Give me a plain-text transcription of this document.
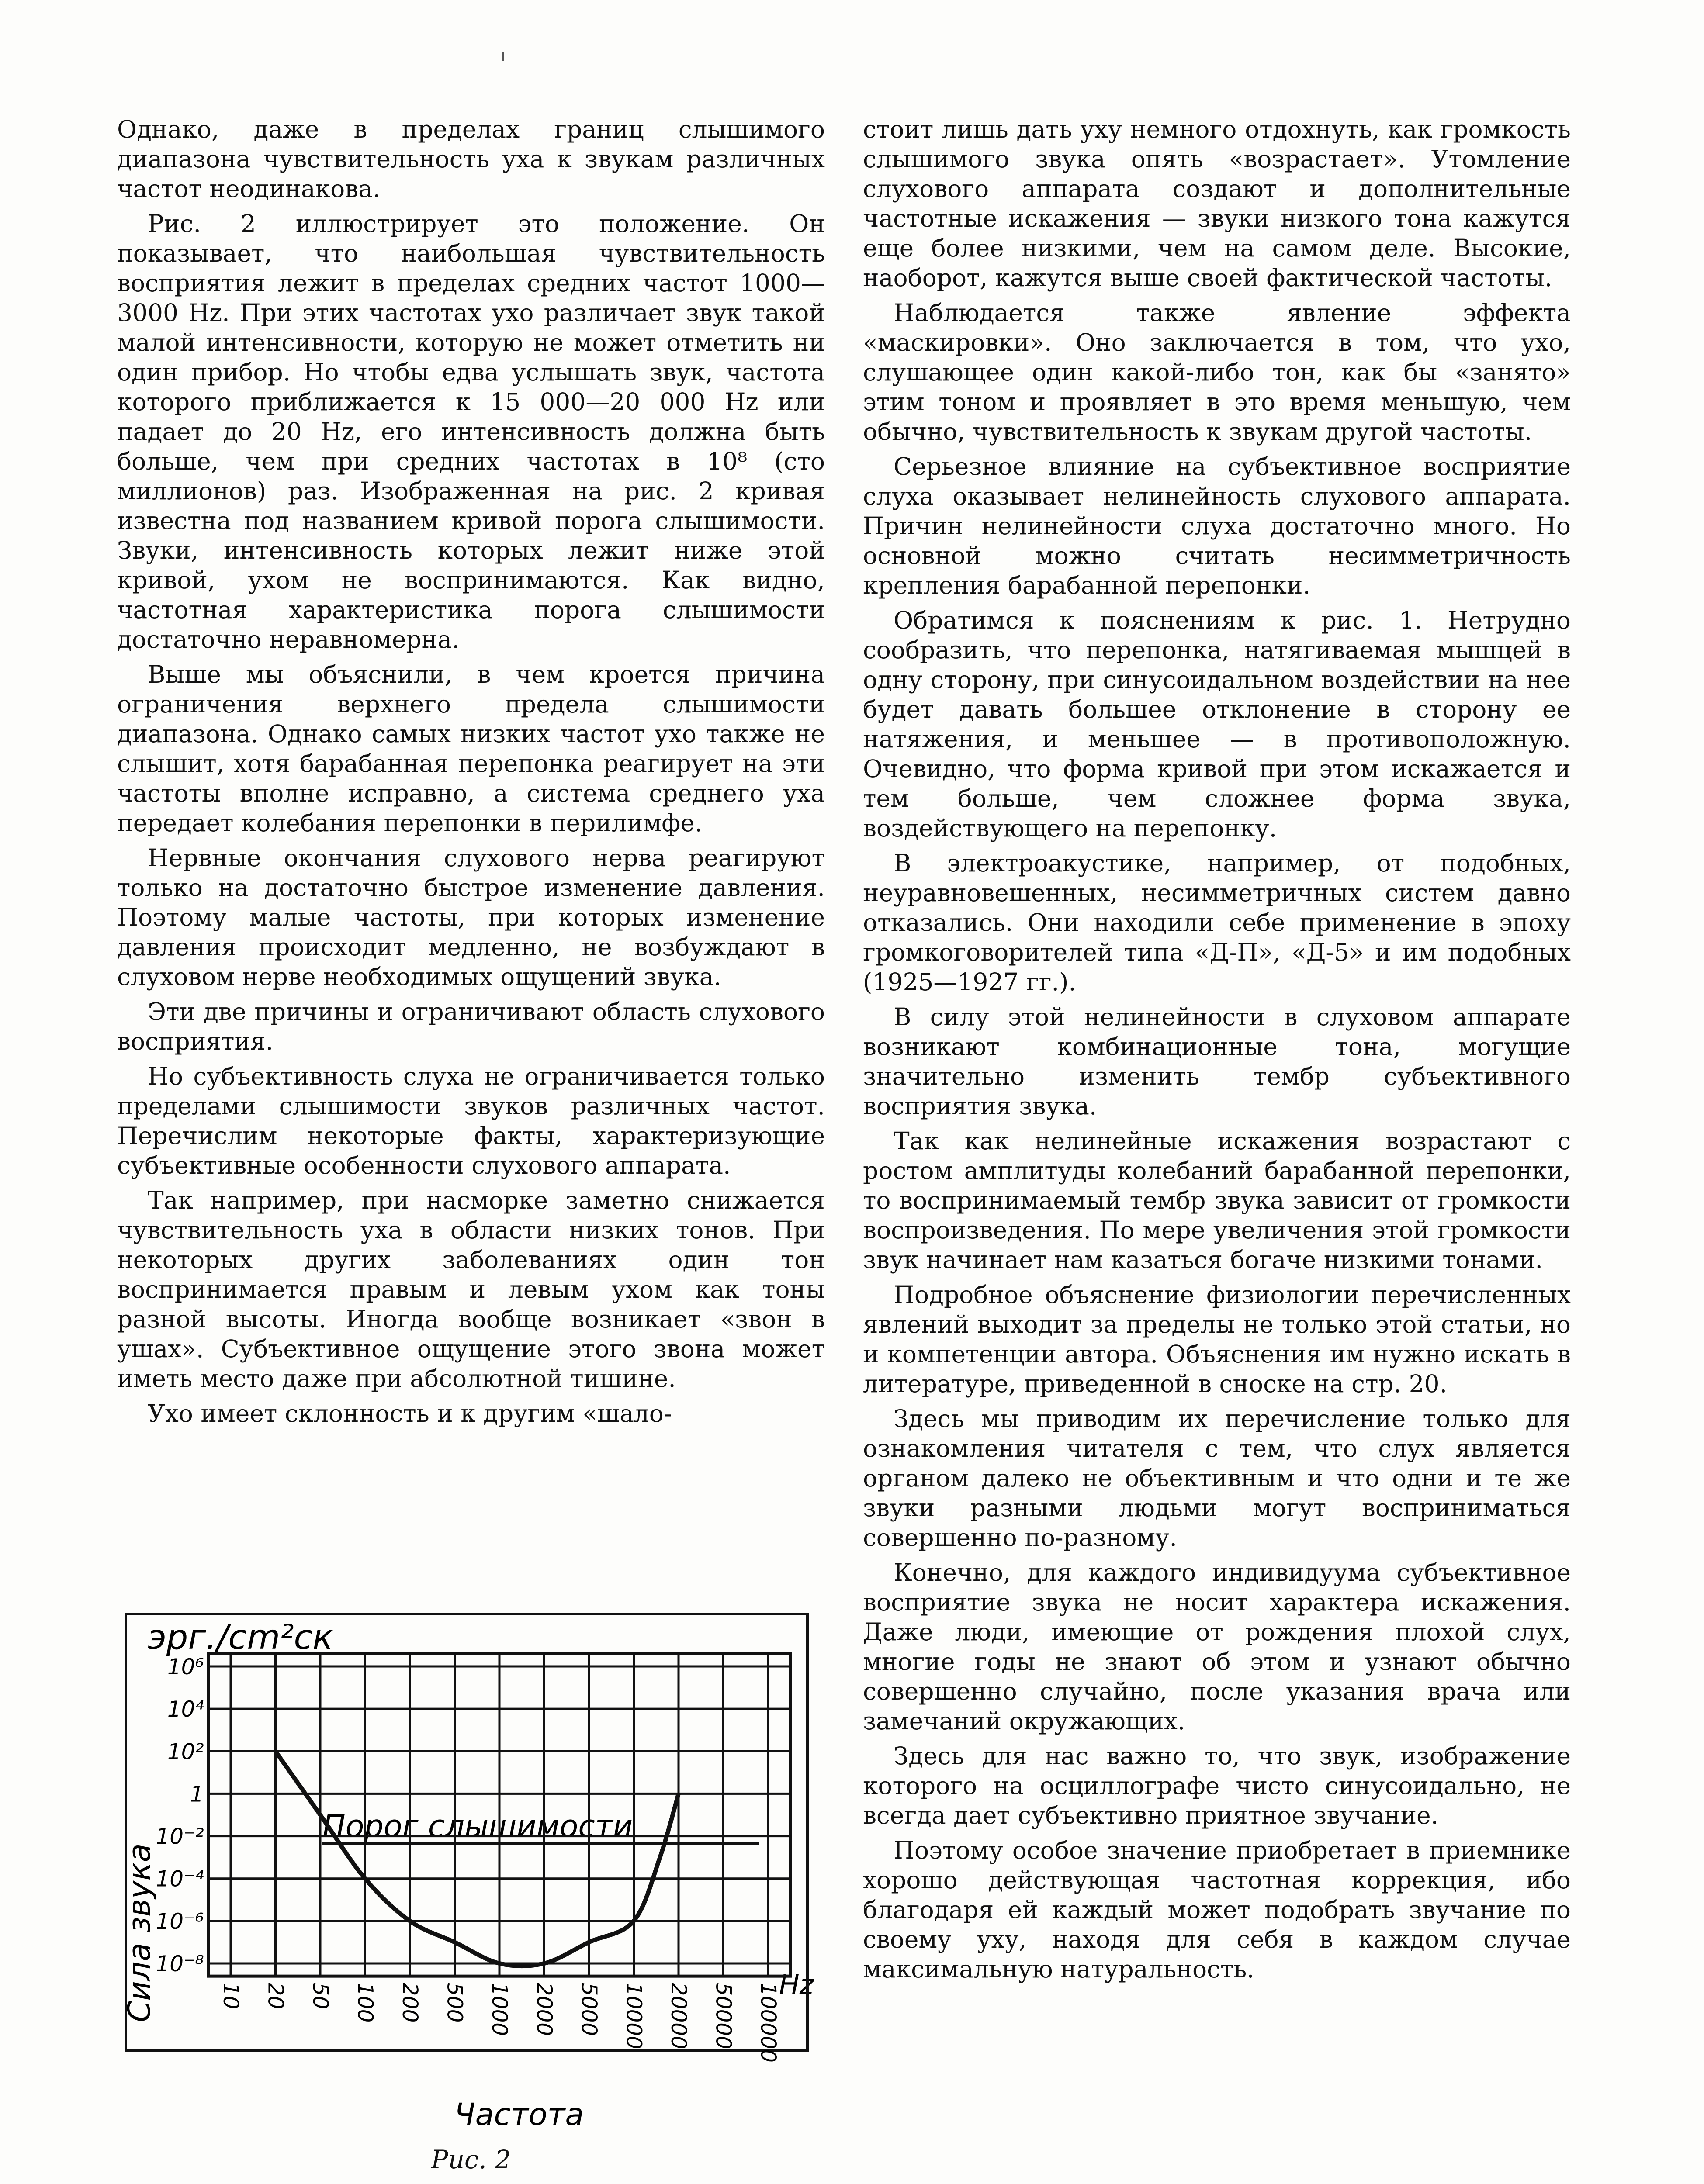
Однако, даже в пределах границ слышимого диапазона чувствительность уха к звукам различных частот неодинакова.

Рис. 2 иллюстрирует это положение. Он показывает, что наибольшая чувствительность восприятия лежит в пределах средних частот 1000—3000 Hz. При этих частотах ухо различает звук такой малой интенсивности, которую не может отметить ни один прибор. Но чтобы едва услышать звук, частота которого приближается к 15 000—20 000 Hz или падает до 20 Hz, его интенсивность должна быть больше, чем при средних частотах в 10⁸ (сто миллионов) раз. Изображенная на рис. 2 кривая известна под названием кривой порога слышимости. Звуки, интенсивность которых лежит ниже этой кривой, ухом не воспринимаются. Как видно, частотная характеристика порога слышимости достаточно неравномерна.

Выше мы объяснили, в чем кроется причина ограничения верхнего предела слышимости диапазона. Однако самых низких частот ухо также не слышит, хотя барабанная перепонка реагирует на эти частоты вполне исправно, а система среднего уха передает колебания перепонки в перилимфе.

Нервные окончания слухового нерва реагируют только на достаточно быстрое изменение давления. Поэтому малые частоты, при которых изменение давления происходит медленно, не возбуждают в слуховом нерве необходимых ощущений звука.

Эти две причины и ограничивают область слухового восприятия.

Но субъективность слуха не ограничивается только пределами слышимости звуков различных частот. Перечислим некоторые факты, характеризующие субъективные особенности слухового аппарата.

Так например, при насморке заметно снижается чувствительность уха в области низких тонов. При некоторых других заболеваниях один тон воспринимается правым и левым ухом как тоны разной высоты. Иногда вообще возникает «звон в ушах». Субъективное ощущение этого звона может иметь место даже при абсолютной тишине.

Ухо имеет склонность и к другим «шало-

эрг./cm²ск
Сила звука
Частота
Hz
Порог слышимости
10 20 50 100 200 500 1000 2000 5000 10000 20000 50000 100000
10⁶
10⁴
10²
1
10⁻²
10⁻⁴
10⁻⁶
10⁻⁸
Рис. 2

стоит лишь дать уху немного отдохнуть, как громкость слышимого звука опять «возрастает». Утомление слухового аппарата создают и дополнительные частотные искажения — звуки низкого тона кажутся еще более низкими, чем на самом деле. Высокие, наоборот, кажутся выше своей фактической частоты.

Наблюдается также явление эффекта «маскировки». Оно заключается в том, что ухо, слушающее один какой-либо тон, как бы «занято» этим тоном и проявляет в это время меньшую, чем обычно, чувствительность к звукам другой частоты.

Серьезное влияние на субъективное восприятие слуха оказывает нелинейность слухового аппарата. Причин нелинейности слуха достаточно много. Но основной можно считать несимметричность крепления барабанной перепонки.

Обратимся к пояснениям к рис. 1. Нетрудно сообразить, что перепонка, натягиваемая мышцей в одну сторону, при синусоидальном воздействии на нее будет давать большее отклонение в сторону ее натяжения, и меньшее — в противоположную. Очевидно, что форма кривой при этом искажается и тем больше, чем сложнее форма звука, воздействующего на перепонку.

В электроакустике, например, от подобных, неуравновешенных, несимметричных систем давно отказались. Они находили себе применение в эпоху громкоговорителей типа «Д-П», «Д-5» и им подобных (1925—1927 гг.).

В силу этой нелинейности в слуховом аппарате возникают комбинационные тона, могущие значительно изменить тембр субъективного восприятия звука.

Так как нелинейные искажения возрастают с ростом амплитуды колебаний барабанной перепонки, то воспринимаемый тембр звука зависит от громкости воспроизведения. По мере увеличения этой громкости звук начинает нам казаться богаче низкими тонами.

Подробное объяснение физиологии перечисленных явлений выходит за пределы не только этой статьи, но и компетенции автора. Объяснения им нужно искать в литературе, приведенной в сноске на стр. 20.

Здесь мы приводим их перечисление только для ознакомления читателя с тем, что слух является органом далеко не объективным и что одни и те же звуки разными людьми могут восприниматься совершенно по-разному.

Конечно, для каждого индивидуума субъективное восприятие звука не носит характера искажения. Даже люди, имеющие от рождения плохой слух, многие годы не знают об этом и узнают обычно совершенно случайно, после указания врача или замечаний окружающих.

Здесь для нас важно то, что звук, изображение которого на осциллографе чисто синусоидально, не всегда дает субъективно приятное звучание.

Поэтому особое значение приобретает в приемнике хорошо действующая частотная коррекция, ибо благодаря ей каждый может подобрать звучание по своему уху, находя для себя в каждом случае максимальную натуральность.
